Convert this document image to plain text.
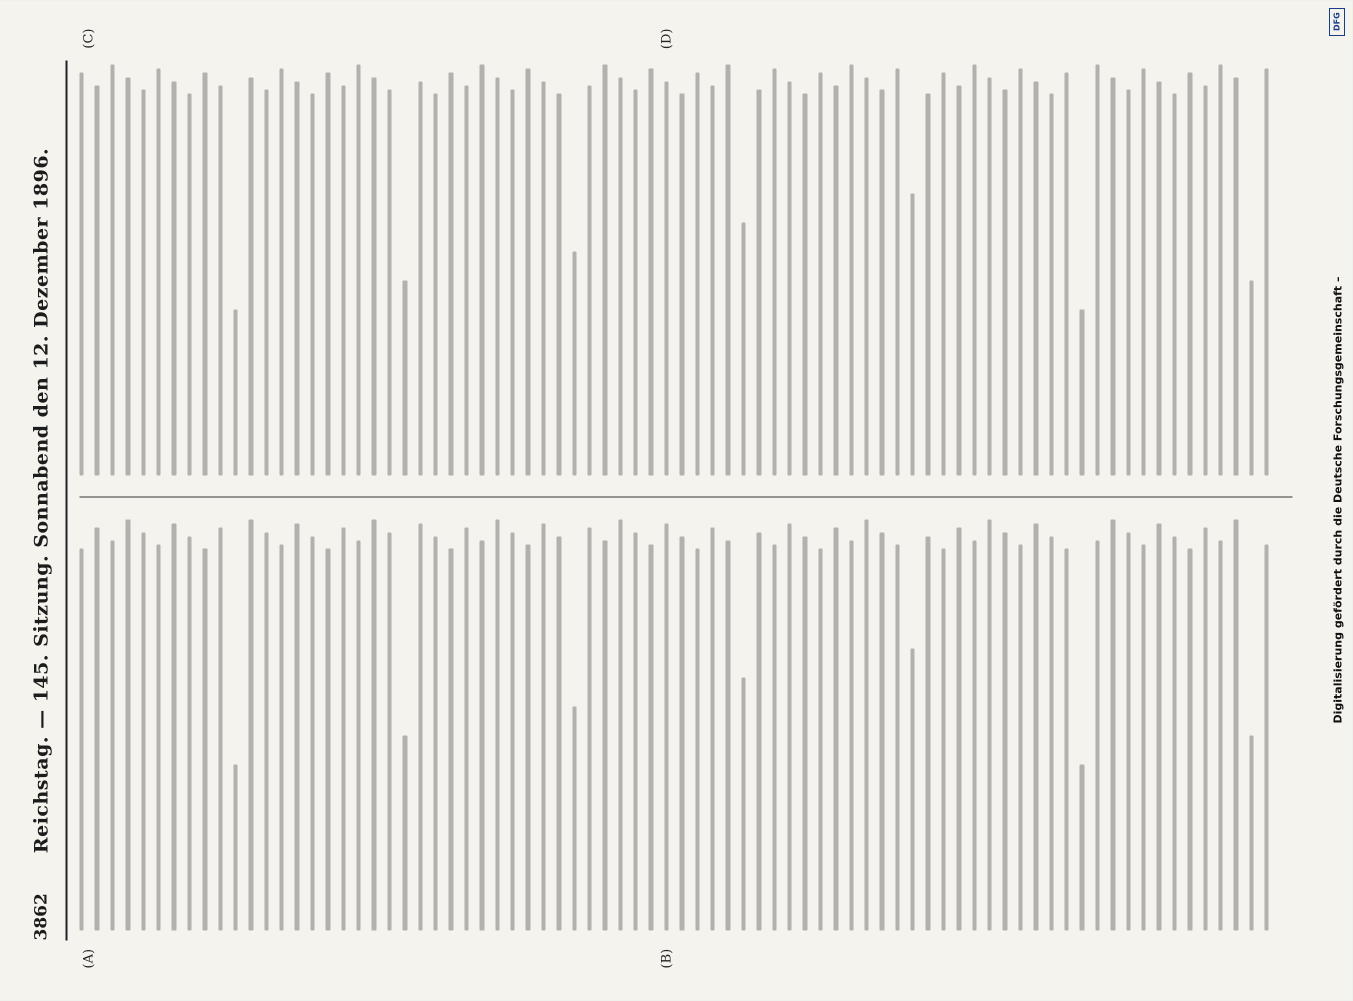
3862
Reichstag. — 145. Sitzung. Sonnabend den 12. Dezember 1896.
(A)	(B)
(C)	(D)
DFG
Digitalisierung gefördert durch die Deutsche Forschungsgemeinschaft –
